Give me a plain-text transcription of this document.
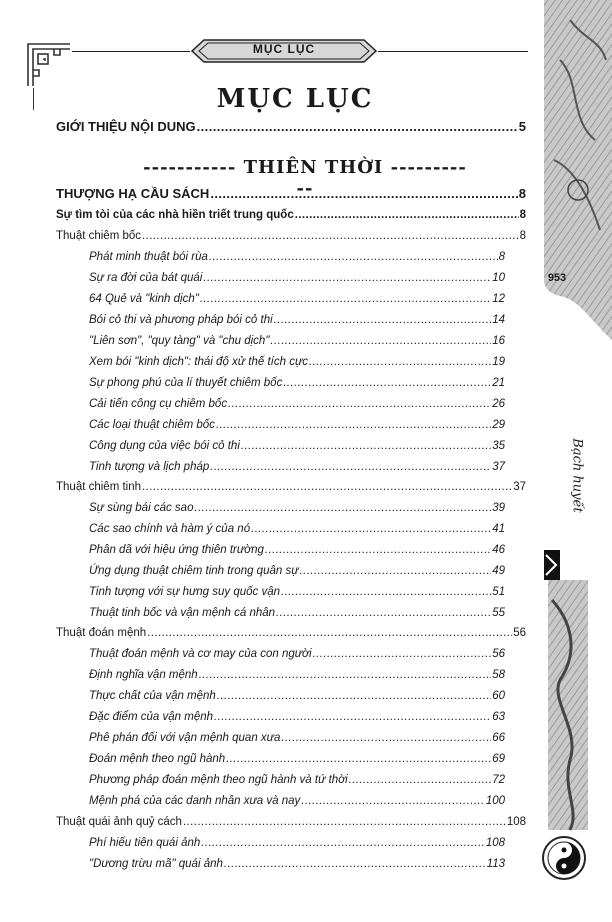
MỤC LỤC
MỤC LỤC
GIỚI THIỆU NỘI DUNG .....	5
----------- THIÊN THỜI -----------
THƯỢNG HẠ CẦU SÁCH .....	8
Sự tìm tòi của các nhà hiền triết trung quốc .....	8
Thuật chiêm bốc .....	8
Phát minh thuật bói rùa .....	8
Sự ra đời của bát quái .....	10
64 Quẻ và "kinh dịch" .....	12
Bói cỏ thi và phương pháp bói cỏ thi .....	14
"Liên sơn", "quy tàng" và "chu dịch" .....	16
Xem bói "kinh dịch": thái độ xử thế tích cực .....	19
Sự phong phú của lí thuyết chiêm bốc .....	21
Cải tiến công cụ chiêm bốc .....	26
Các loại thuật chiêm bốc .....	29
Công dụng của việc bói cỏ thi .....	35
Tinh tượng và lịch pháp .....	37
Thuật chiêm tinh .....	37
Sự sùng bái các sao .....	39
Các sao chính và hàm ý của nó .....	41
Phân dã với hiệu ứng thiên trường .....	46
Ứng dụng thuật chiêm tinh trong quân sự .....	49
Tinh tượng với sự hưng suy quốc vận .....	51
Thuật tinh bốc và vận mệnh cá nhân .....	55
Thuật đoán mệnh .....	56
Thuật đoán mệnh và cơ may của con người .....	56
Định nghĩa vận mệnh .....	58
Thực chất của vận mệnh .....	60
Đặc điểm của vận mệnh .....	63
Phê phán đối với vận mệnh quan xưa .....	66
Đoán mệnh theo ngũ hành .....	69
Phương pháp đoán mệnh theo ngũ hành và tứ thời .....	72
Mệnh phá của các danh nhân xưa và nay .....	100
Thuật quái ảnh quỷ cách .....	108
Phí hiếu tiên quái ảnh .....	108
"Dương trừu mã" quái ảnh .....	113
953
Bạch huyết
